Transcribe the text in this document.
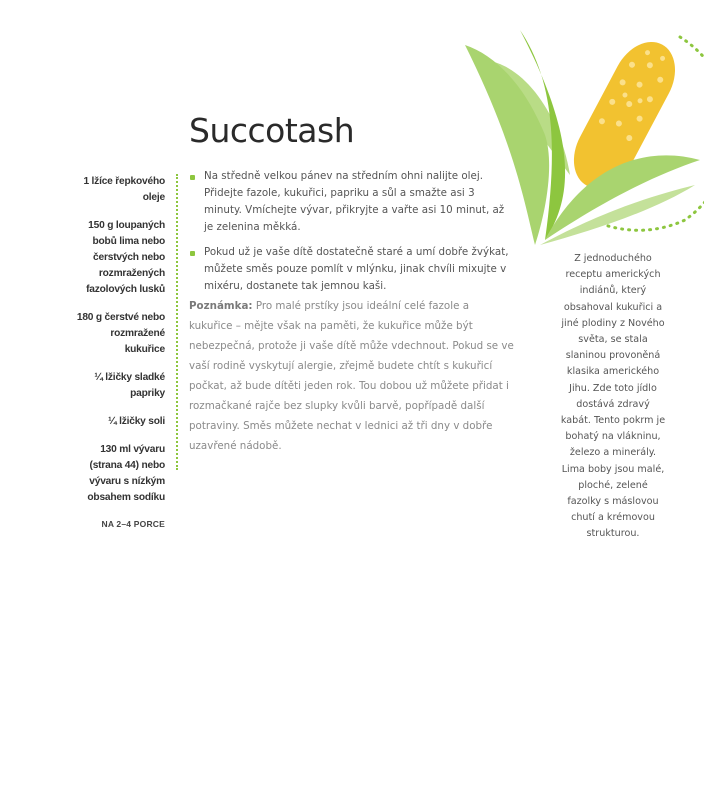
Succotash
1 lžíce řepkového oleje
150 g loupaných bobů lima nebo čerstvých nebo rozmražených fazolových lusků
180 g čerstvé nebo rozmražené kukuřice
¼ lžičky sladké papriky
¼ lžičky soli
130 ml vývaru (strana 44) nebo vývaru s nízkým obsahem sodíku
NA 2–4 PORCE
Na středně velkou pánev na středním ohni nalijte olej. Přidejte fazole, kukuřici, papriku a sůl a smažte asi 3 minuty. Vmíchejte vývar, přikryjte a vařte asi 10 minut, až je zelenina měkká.
Pokud už je vaše dítě dostatečně staré a umí dobře žvýkat, můžete směs pouze pomlít v mlýnku, jinak chvíli mixujte v mixéru, dostanete tak jemnou kaši.

Poznámka: Pro malé prstíky jsou ideální celé fazole a kukuřice – mějte však na paměti, že kukuřice může být nebezpečná, protože ji vaše dítě může vdechnout. Pokud se ve vaší rodině vyskytují alergie, zřejmě budete chtít s kukuřicí počkat, až bude dítěti jeden rok. Tou dobou už můžete přidat i rozmačkané rajče bez slupky kvůli barvě, popřípadě další potraviny. Směs můžete nechat v lednici až tři dny v dobře uzavřené nádobě.

Z jednoduchého receptu amerických indiánů, který obsahoval kukuřici a jiné plodiny z Nového světa, se stala slaninou provoněná klasika amerického Jihu. Zde toto jídlo dostává zdravý kabát. Tento pokrm je bohatý na vlákninu, železo a minerály. Lima boby jsou malé, ploché, zelené fazolky s máslovou chutí a krémovou strukturou.
